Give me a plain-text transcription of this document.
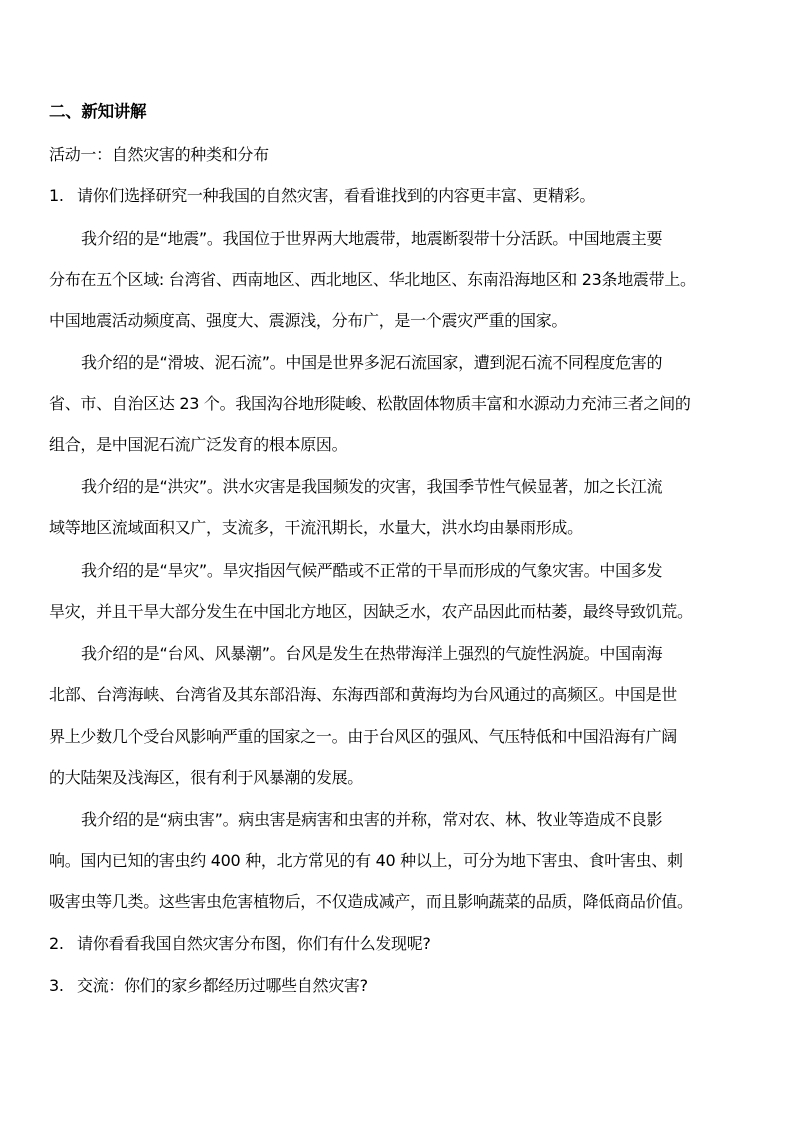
二、新知讲解
活动一：自然灾害的种类和分布
1. 请你们选择研究一种我国的自然灾害，看看谁找到的内容更丰富、更精彩。
我介绍的是“地震”。我国位于世界两大地震带，地震断裂带十分活跃。中国地震主要
分布在五个区域: 台湾省、西南地区、西北地区、华北地区、东南沿海地区和 23条地震带上。
中国地震活动频度高、强度大、震源浅，分布广，是一个震灾严重的国家。
我介绍的是“滑坡、泥石流”。中国是世界多泥石流国家，遭到泥石流不同程度危害的
省、市、自治区达 23 个。我国沟谷地形陡峻、松散固体物质丰富和水源动力充沛三者之间的
组合，是中国泥石流广泛发育的根本原因。
我介绍的是“洪灾”。洪水灾害是我国频发的灾害，我国季节性气候显著，加之长江流
域等地区流域面积又广，支流多，干流汛期长，水量大，洪水均由暴雨形成。
我介绍的是“旱灾”。旱灾指因气候严酷或不正常的干旱而形成的气象灾害。中国多发
旱灾，并且干旱大部分发生在中国北方地区，因缺乏水，农产品因此而枯萎，最终导致饥荒。
我介绍的是“台风、风暴潮”。台风是发生在热带海洋上强烈的气旋性涡旋。中国南海
北部、台湾海峡、台湾省及其东部沿海、东海西部和黄海均为台风通过的高频区。中国是世
界上少数几个受台风影响严重的国家之一。由于台风区的强风、气压特低和中国沿海有广阔
的大陆架及浅海区，很有利于风暴潮的发展。
我介绍的是“病虫害”。病虫害是病害和虫害的并称，常对农、林、牧业等造成不良影
响。国内已知的害虫约 400 种，北方常见的有 40 种以上，可分为地下害虫、食叶害虫、刺
吸害虫等几类。这些害虫危害植物后，不仅造成减产，而且影响蔬菜的品质，降低商品价值。
2. 请你看看我国自然灾害分布图，你们有什么发现呢?
3. 交流：你们的家乡都经历过哪些自然灾害?
